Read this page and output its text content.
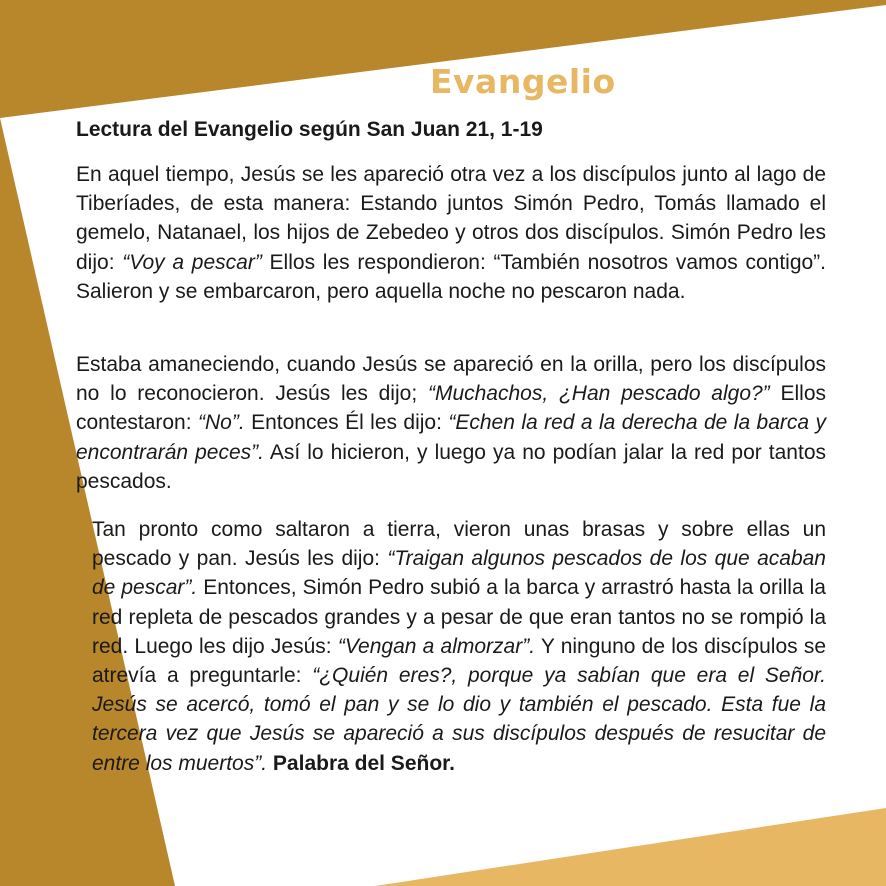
Evangelio
Lectura del Evangelio según San Juan 21, 1-19
En aquel tiempo, Jesús se les apareció otra vez a los discípulos junto al lago de Tiberíades, de esta manera: Estando juntos Simón Pedro, Tomás llamado el gemelo, Natanael, los hijos de Zebedeo y otros dos discípulos. Simón Pedro les dijo: “Voy a pescar” Ellos les respondieron: “También nosotros vamos contigo”. Salieron y se embarcaron, pero aquella noche no pescaron nada.
Estaba amaneciendo, cuando Jesús se apareció en la orilla, pero los discípulos no lo reconocieron. Jesús les dijo; “Muchachos, ¿Han pescado algo?” Ellos contestaron: “No”. Entonces Él les dijo: “Echen la red a la derecha de la barca y encontrarán peces”. Así lo hicieron, y luego ya no podían jalar la red por tantos pescados.
Tan pronto como saltaron a tierra, vieron unas brasas y sobre ellas un pescado y pan. Jesús les dijo: “Traigan algunos pescados de los que acaban de pescar”. Entonces, Simón Pedro subió a la barca y arrastró hasta la orilla la red repleta de pescados grandes y a pesar de que eran tantos no se rompió la red. Luego les dijo Jesús: “Vengan a almorzar”. Y ninguno de los discípulos se atrevía a preguntarle: “¿Quién eres?, porque ya sabían que era el Señor. Jesús se acercó, tomó el pan y se lo dio y también el pescado. Esta fue la tercera vez que Jesús se apareció a sus discípulos después de resucitar de entre los muertos”. Palabra del Señor.
